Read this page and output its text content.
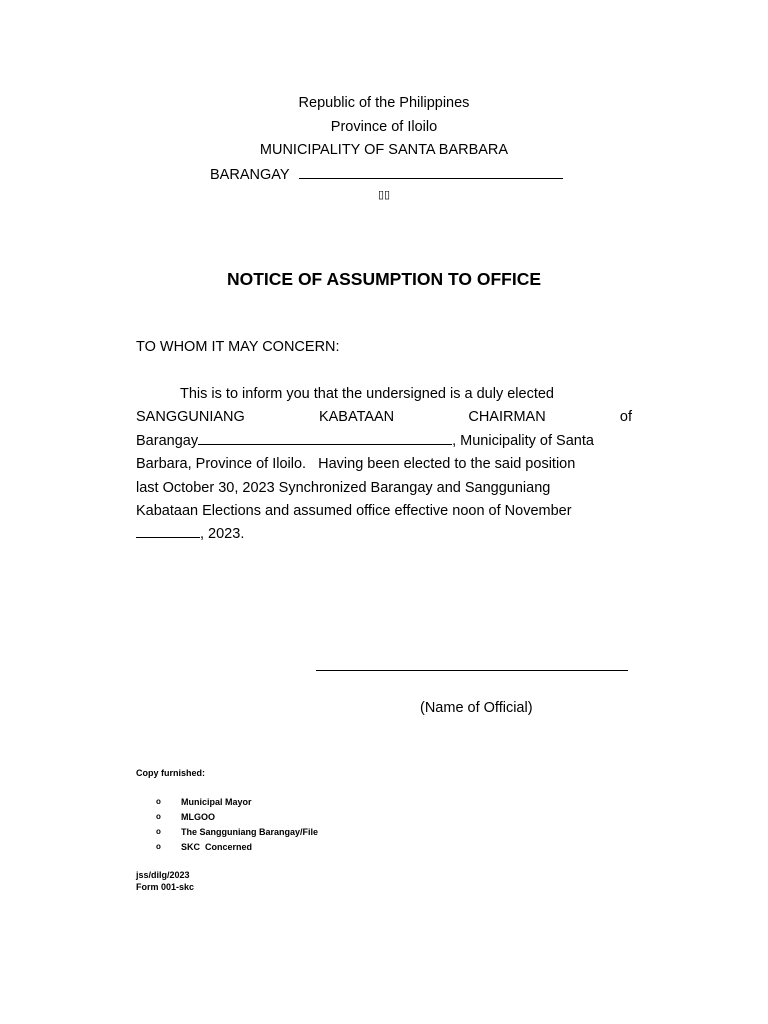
Republic of the Philippines
Province of Iloilo
MUNICIPALITY OF SANTA BARBARA
BARANGAY
▯▯
NOTICE OF ASSUMPTION TO OFFICE
TO WHOM IT MAY CONCERN:
This is to inform you that the undersigned is a duly elected
SANGGUNIANG	KABATAAN	CHAIRMAN	of
Barangay	, Municipality of Santa
Barbara, Province of Iloilo.   Having been elected to the said position
last October 30, 2023 Synchronized Barangay and Sangguniang
Kabataan Elections and assumed office effective noon of November
, 2023.
(Name of Official)
Copy furnished:
o	Municipal Mayor
o	MLGOO
o	The Sangguniang Barangay/File
o	SKC  Concerned
jss/dilg/2023
Form 001-skc
